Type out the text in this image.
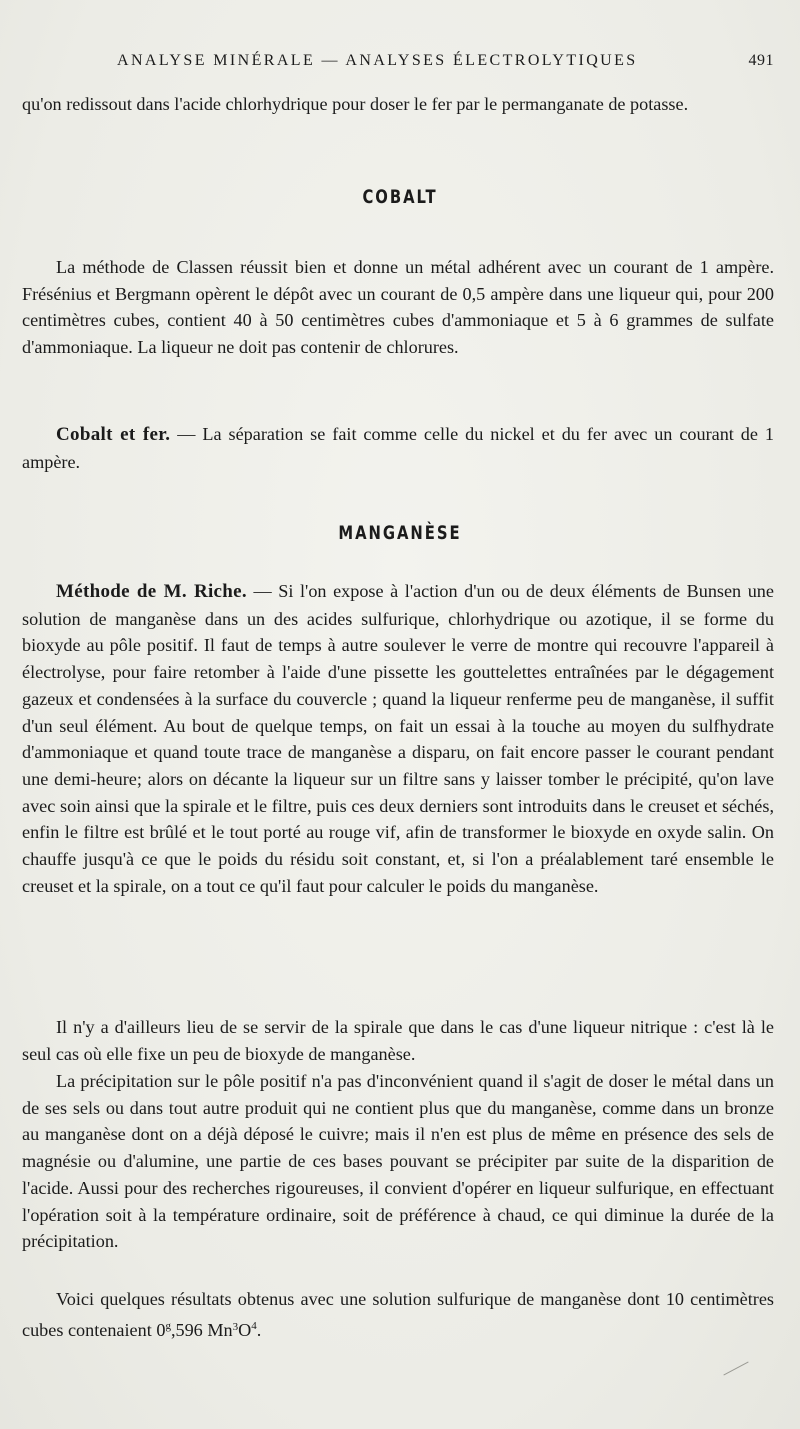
ANALYSE MINÉRALE — ANALYSES ÉLECTROLYTIQUES	491

qu'on redissout dans l'acide chlorhydrique pour doser le fer par le permanganate de potasse.

COBALT

La méthode de Classen réussit bien et donne un métal adhérent avec un courant de 1 ampère. Frésénius et Bergmann opèrent le dépôt avec un courant de 0,5 ampère dans une liqueur qui, pour 200 centimètres cubes, contient 40 à 50 centimètres cubes d'ammoniaque et 5 à 6 grammes de sulfate d'ammoniaque. La liqueur ne doit pas contenir de chlorures.

Cobalt et fer. — La séparation se fait comme celle du nickel et du fer avec un courant de 1 ampère.

MANGANÈSE

Méthode de M. Riche. — Si l'on expose à l'action d'un ou de deux éléments de Bunsen une solution de manganèse dans un des acides sulfurique, chlorhydrique ou azotique, il se forme du bioxyde au pôle positif. Il faut de temps à autre soulever le verre de montre qui recouvre l'appareil à électrolyse, pour faire retomber à l'aide d'une pissette les gouttelettes entraînées par le dégagement gazeux et condensées à la surface du couvercle ; quand la liqueur renferme peu de manganèse, il suffit d'un seul élément. Au bout de quelque temps, on fait un essai à la touche au moyen du sulfhydrate d'ammoniaque et quand toute trace de manganèse a disparu, on fait encore passer le courant pendant une demi-heure; alors on décante la liqueur sur un filtre sans y laisser tomber le précipité, qu'on lave avec soin ainsi que la spirale et le filtre, puis ces deux derniers sont introduits dans le creuset et séchés, enfin le filtre est brûlé et le tout porté au rouge vif, afin de transformer le bioxyde en oxyde salin. On chauffe jusqu'à ce que le poids du résidu soit constant, et, si l'on a préalablement taré ensemble le creuset et la spirale, on a tout ce qu'il faut pour calculer le poids du manganèse.

Il n'y a d'ailleurs lieu de se servir de la spirale que dans le cas d'une liqueur nitrique : c'est là le seul cas où elle fixe un peu de bioxyde de manganèse.

La précipitation sur le pôle positif n'a pas d'inconvénient quand il s'agit de doser le métal dans un de ses sels ou dans tout autre produit qui ne contient plus que du manganèse, comme dans un bronze au manganèse dont on a déjà déposé le cuivre; mais il n'en est plus de même en présence des sels de magnésie ou d'alumine, une partie de ces bases pouvant se précipiter par suite de la disparition de l'acide. Aussi pour des recherches rigoureuses, il convient d'opérer en liqueur sulfurique, en effectuant l'opération soit à la température ordinaire, soit de préférence à chaud, ce qui diminue la durée de la précipitation.

Voici quelques résultats obtenus avec une solution sulfurique de manganèse dont 10 centimètres cubes contenaient 0$^g$,596 $Mn^3O^4$.
